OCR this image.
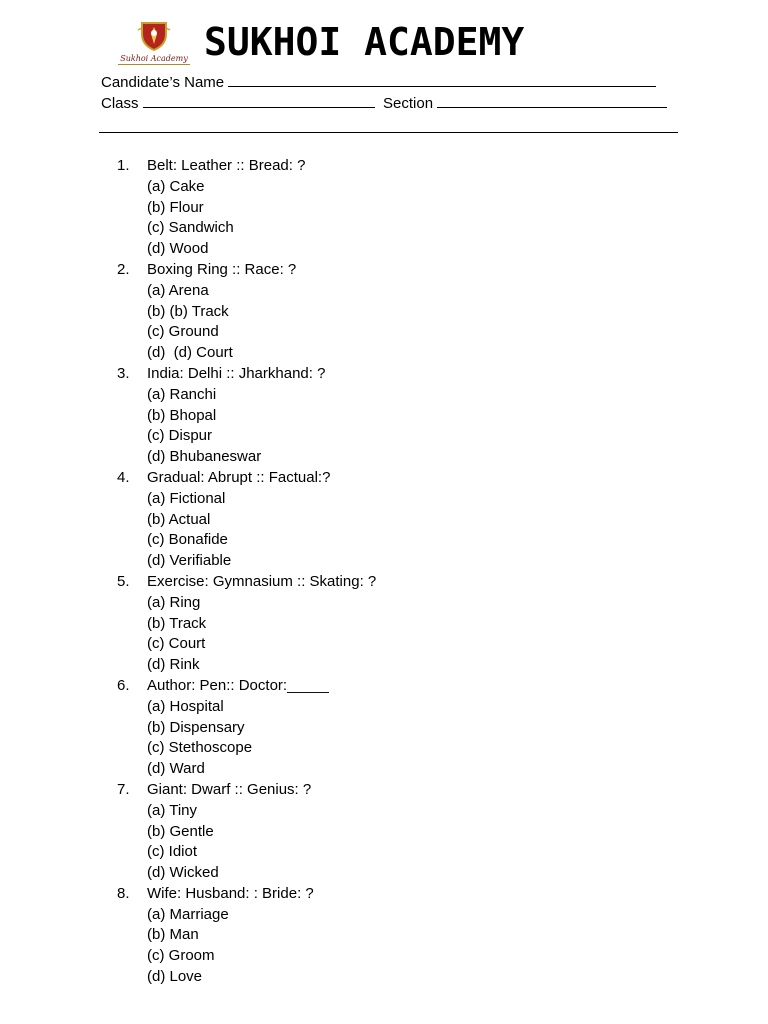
Sukhoi Academy SUKHOI ACADEMY
Candidate’s Name
Class	Section
1. Belt: Leather :: Bread: ?
(a) Cake
(b) Flour
(c) Sandwich
(d) Wood
2. Boxing Ring :: Race: ?
(a) Arena
(b) (b) Track
(c) Ground
(d)  (d) Court
3. India: Delhi :: Jharkhand: ?
(a) Ranchi
(b) Bhopal
(c) Dispur
(d) Bhubaneswar
4. Gradual: Abrupt :: Factual:?
(a) Fictional
(b) Actual
(c) Bonafide
(d) Verifiable
5. Exercise: Gymnasium :: Skating: ?
(a) Ring
(b) Track
(c) Court
(d) Rink
6. Author: Pen:: Doctor:_____
(a) Hospital
(b) Dispensary
(c) Stethoscope
(d) Ward
7. Giant: Dwarf :: Genius: ?
(a) Tiny
(b) Gentle
(c) Idiot
(d) Wicked
8. Wife: Husband: : Bride: ?
(a) Marriage
(b) Man
(c) Groom
(d) Love
